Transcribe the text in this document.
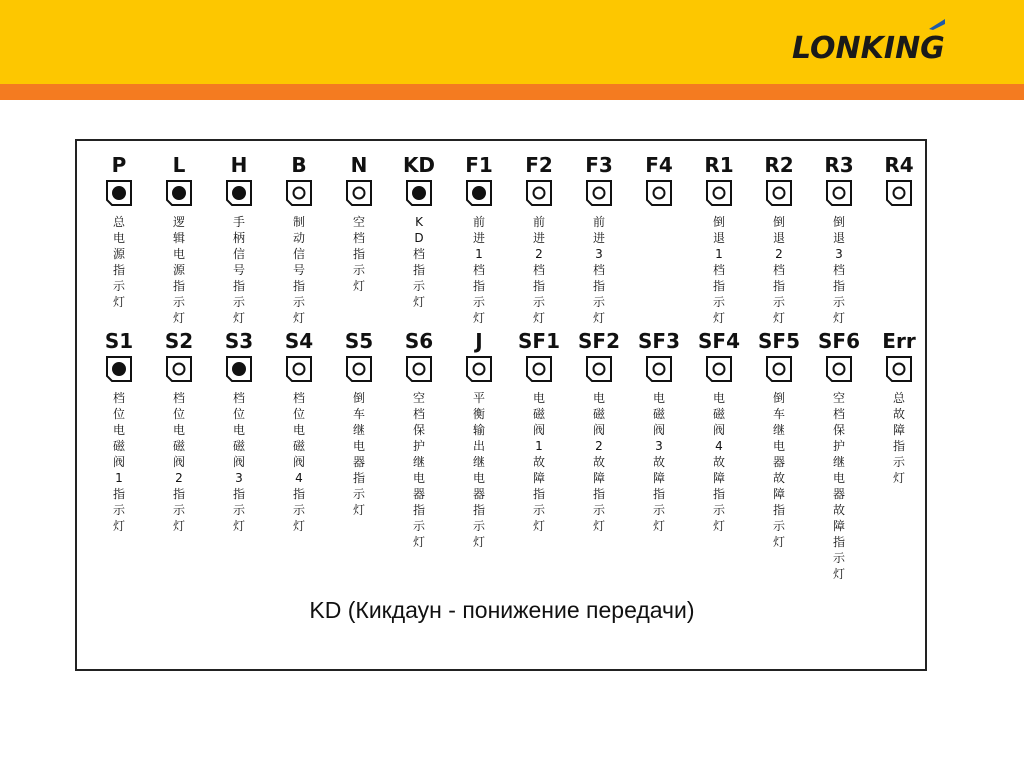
LONKING
P
总电源指示灯
L
逻辑电源指示灯
H
手柄信号指示灯
B
制动信号指示灯
N
空档指示灯
KD
KD档指示灯
F1
前进1档指示灯
F2
前进2档指示灯
F3
前进3档指示灯
F4	R1
倒退1档指示灯
R2
倒退2档指示灯
R3
倒退3档指示灯
R4
S1
档位电磁阀1指示灯
S2
档位电磁阀2指示灯
S3
档位电磁阀3指示灯
S4
档位电磁阀4指示灯
S5
倒车继电器指示灯
S6
空档保护继电器指示灯
J
平衡输出继电器指示灯
SF1
电磁阀1故障指示灯
SF2
电磁阀2故障指示灯
SF3
电磁阀3故障指示灯
SF4
电磁阀4故障指示灯
SF5
倒车继电器故障指示灯
SF6
空档保护继电器故障指示灯
Err
总故障指示灯
KD (Кикдаун - понижение передачи)
